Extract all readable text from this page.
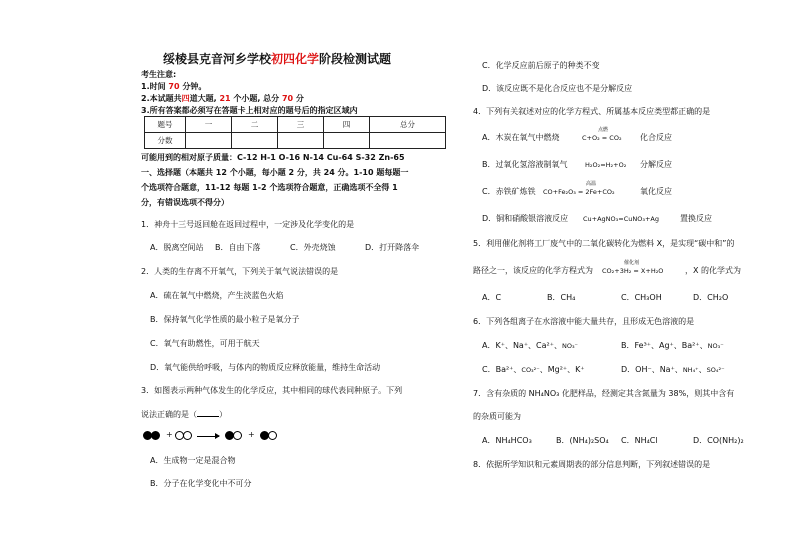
绥棱县克音河乡学校初四化学阶段检测试题
考生注意:
1.时间 70 分钟。
2.本试题共四道大题, 21 个小题, 总分 70 分
3.所有答案都必须写在答题卡上相对应的题号后的指定区域内
题号	一	二	三	四	总分
分数					
可能用到的相对原子质量：C-12 H-1 O-16 N-14 Cu-64 S-32 Zn-65
一、选择题（本题共 12 个小题，每小题 2 分，共 24 分。1-10 题每题一
个选项符合题意，11-12 每题 1-2 个选项符合题意，正确选项不全得 1
分，有错误选项不得分）
1．神舟十三号返回舱在返回过程中，一定涉及化学变化的是
A．脱离空间站 B．自由下落	C．外壳烧蚀	D．打开降落伞
2．人类的生存离不开氧气，下列关于氧气说法错误的是
A．硫在氧气中燃烧，产生淡蓝色火焰
B．保持氧气化学性质的最小粒子是氧分子
C．氧气有助燃性，可用于航天
D．氧气能供给呼吸，与体内的物质反应释放能量，维持生命活动
3．如图表示两种气体发生的化学反应，其中相同的球代表同种原子。下列
说法正确的是（	）
+	+
A．生成物一定是混合物
B．分子在化学变化中不可分
C．化学反应前后原子的种类不变
D．该反应既不是化合反应也不是分解反应
4．下列有关叙述对应的化学方程式、所属基本反应类型都正确的是
A．木炭在氧气中燃烧
点燃
C+O₂ = CO₂ 化合反应
B．过氧化氢溶液制氧气	H₂O₂=H₂+O₂ 分解反应
C．赤铁矿炼铁
高温
CO+Fe₂O₃ = 2Fe+CO₂	氧化反应
D．铜和硝酸银溶液反应 Cu+AgNO₃=CuNO₃+Ag	置换反应
5．利用催化剂将工厂废气中的二氧化碳转化为燃料 X，是实现“碳中和”的
路径之一，该反应的化学方程式为
催化剂
CO₂+3H₂ = X+H₂O	，X 的化学式为
A．C	B．CH₄	C．CH₃OH	D．CH₂O
6．下列各组离子在水溶液中能大量共存，且形成无色溶液的是
A．K⁺、Na⁺、Ca²⁺、NO₃⁻	B．Fe³⁺、Ag⁺、Ba²⁺、NO₃⁻
C．Ba²⁺、CO₃²⁻、Mg²⁺、K⁺	D．OH⁻、Na⁺、NH₄⁺、SO₄²⁻
7．含有杂质的 NH₄NO₃ 化肥样品，经测定其含氮量为 38%，则其中含有
的杂质可能为
A．NH₄HCO₃	B．(NH₄)₂SO₄ C．NH₄Cl	D．CO(NH₂)₂
8．依据所学知识和元素周期表的部分信息判断，下列叙述错误的是
